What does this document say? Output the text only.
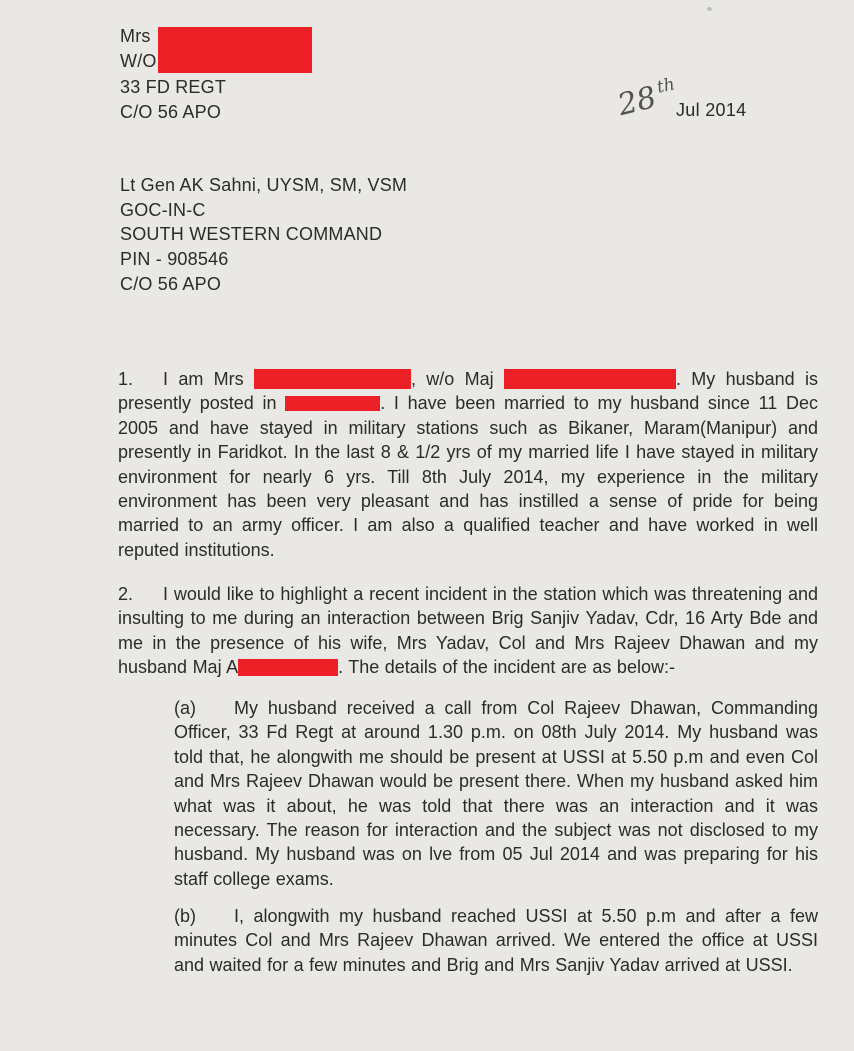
Mrs
W/O
33 FD REGT
C/O 56 APO	28
th
Jul 2014
Lt Gen AK Sahni, UYSM, SM, VSM
GOC-IN-C
SOUTH WESTERN COMMAND
PIN - 908546
C/O 56 APO

1. I am Mrs	, w/o Maj	. My husband is presently posted in	. I have been married to my husband since 11 Dec 2005 and have stayed in military stations such as Bikaner, Maram(Manipur) and presently in Faridkot. In the last 8 & 1/2 yrs of my married life I have stayed in military environment for nearly 6 yrs. Till 8th July 2014, my experience in the military environment has been very pleasant and has instilled a sense of pride for being married to an army officer. I am also a qualified teacher and have worked in well reputed institutions.

2. I would like to highlight a recent incident in the station which was threatening and insulting to me during an interaction between Brig Sanjiv Yadav, Cdr, 16 Arty Bde and me in the presence of his wife, Mrs Yadav, Col and Mrs Rajeev Dhawan and my husband Maj A	. The details of the incident are as below:-

(a) My husband received a call from Col Rajeev Dhawan, Commanding Officer, 33 Fd Regt at around 1.30 p.m. on 08th July 2014. My husband was told that, he alongwith me should be present at USSI at 5.50 p.m and even Col and Mrs Rajeev Dhawan would be present there. When my husband asked him what was it about, he was told that there was an interaction and it was necessary. The reason for interaction and the subject was not disclosed to my husband. My husband was on lve from 05 Jul 2014 and was preparing for his staff college exams.

(b) I, alongwith my husband reached USSI at 5.50 p.m and after a few minutes Col and Mrs Rajeev Dhawan arrived. We entered the office at USSI and waited for a few minutes and Brig and Mrs Sanjiv Yadav arrived at USSI.
